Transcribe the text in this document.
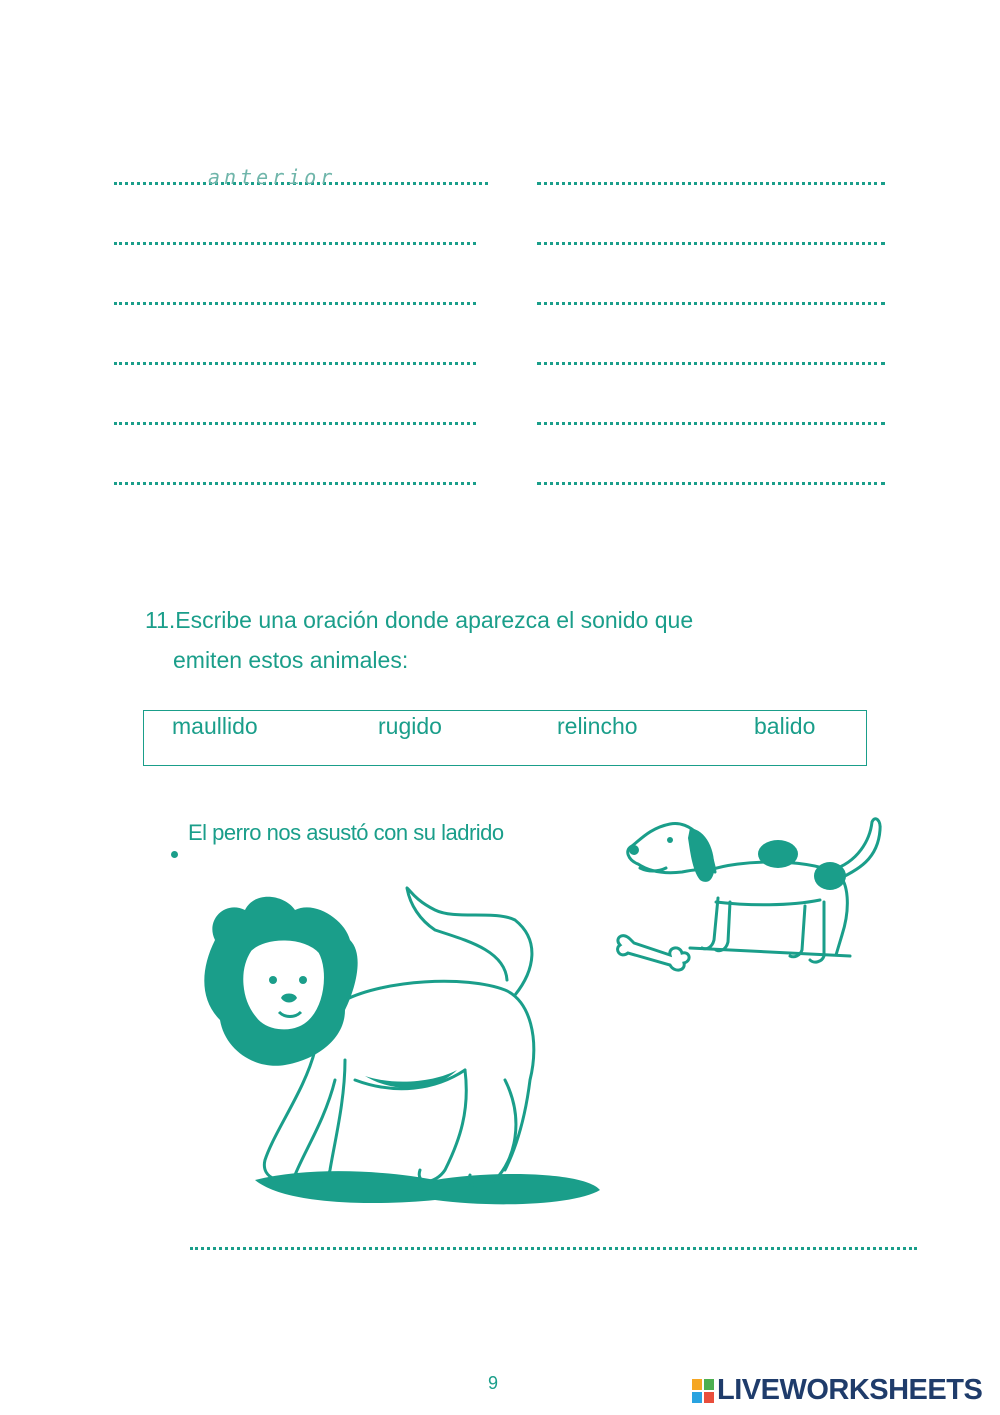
anterior
11.Escribe una oración donde aparezca el sonido que
emiten estos animales:
maullido	rugido	relincho	balido
El perro nos asustó con su ladrido
9	LIVEWORKSHEETS
